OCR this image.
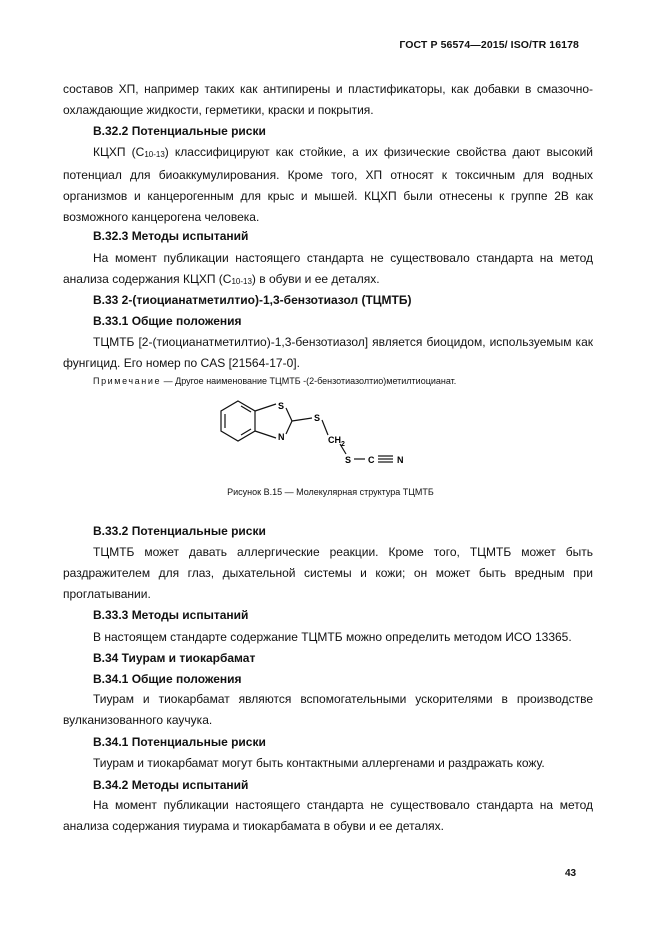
ГОСТ Р 56574—2015/ ISO/TR 16178
составов ХП, например таких как антипирены и пластификаторы, как добавки в смазочно-охлаждающие жидкости, герметики, краски и покрытия.
B.32.2 Потенциальные риски
КЦХП (C10-13) классифицируют как стойкие, а их физические свойства дают высокий потенциал для биоаккумулирования. Кроме того, ХП относят к токсичным для водных организмов и канцерогенным для крыс и мышей. КЦХП были отнесены к группе 2В как возможного канцерогена человека.
B.32.3 Методы испытаний
На момент публикации настоящего стандарта не существовало стандарта на метод анализа содержания КЦХП (C10-13) в обуви и ее деталях.
B.33 2-(тиоцианатметилтио)-1,3-бензотиазол (ТЦМТБ)
B.33.1 Общие положения
ТЦМТБ [2-(тиоцианатметилтио)-1,3-бензотиазол] является биоцидом, используемым как фунгицид. Его номер по CAS [21564-17-0].
Примечание — Другое наименование ТЦМТБ -(2-бензотиазолтио)метилтиоцианат.
S
N
S
$CH_2$
S C	N
Рисунок В.15 — Молекулярная структура ТЦМТБ
B.33.2 Потенциальные риски
ТЦМТБ может давать аллергические реакции. Кроме того, ТЦМТБ может быть раздражителем для глаз, дыхательной системы и кожи; он может быть вредным при проглатывании.
B.33.3 Методы испытаний
В настоящем стандарте содержание ТЦМТБ можно определить методом ИСО 13365.
B.34 Тиурам и тиокарбамат
B.34.1 Общие положения
Тиурам и тиокарбамат являются вспомогательными ускорителями в производстве вулканизованного каучука.
B.34.1 Потенциальные риски
Тиурам и тиокарбамат могут быть контактными аллергенами и раздражать кожу.
B.34.2 Методы испытаний
На момент публикации настоящего стандарта не существовало стандарта на метод анализа содержания тиурама и тиокарбамата в обуви и ее деталях.
43
